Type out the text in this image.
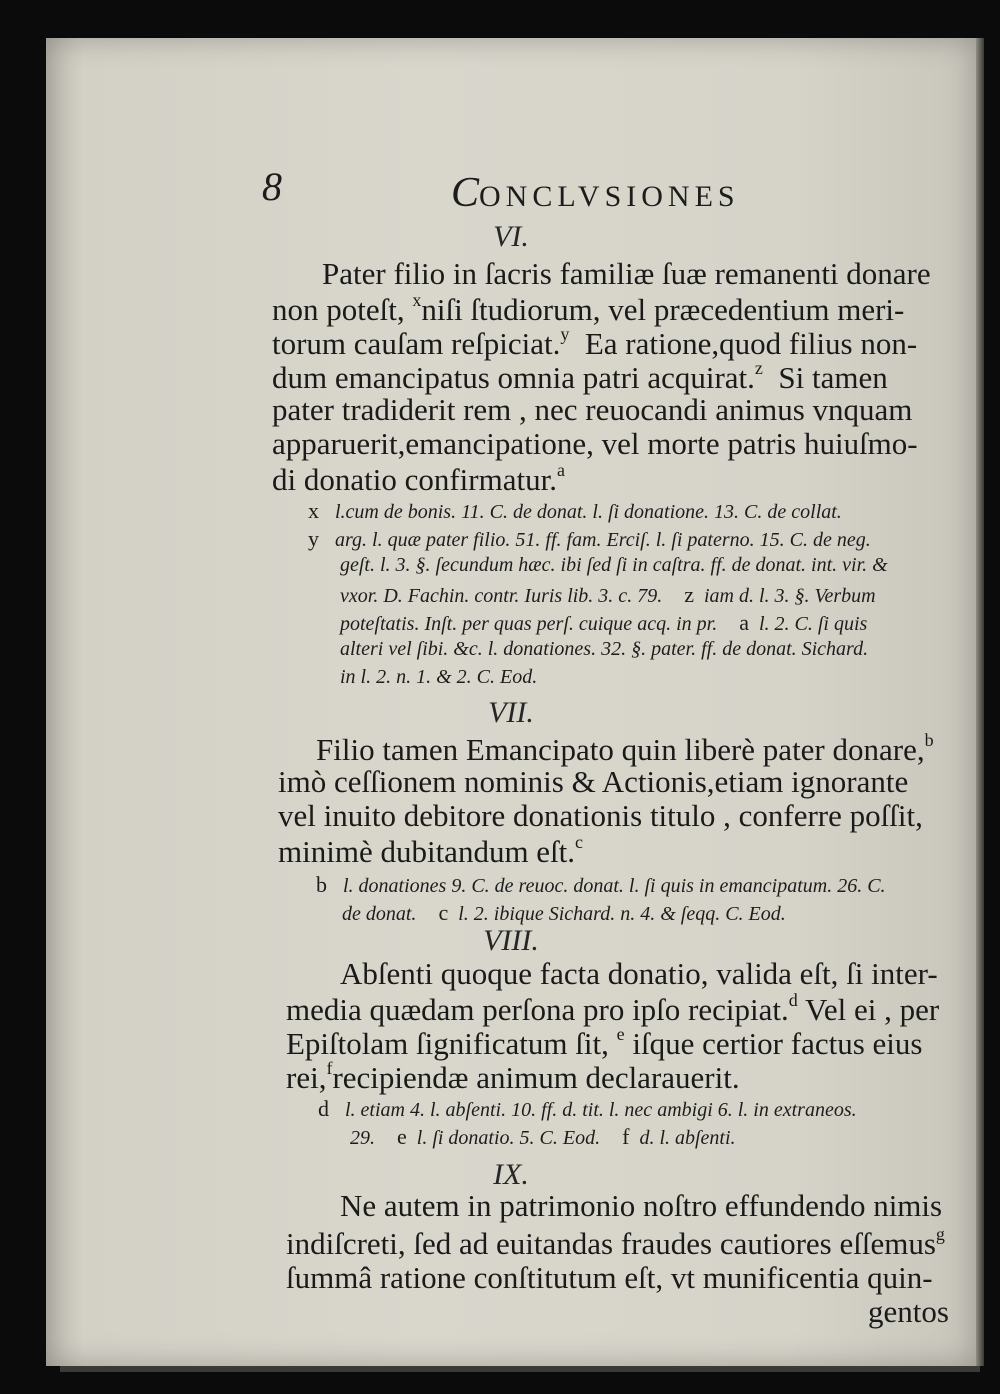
8	CONCLVSIONES
VI.
Pater filio in ſacris familiæ ſuæ remanenti donare
non poteſt, $^x$niſi ſtudiorum, vel præcedentium meri-
torum cauſam reſpiciat.$^y$ Ea ratione,quod filius non-
dum emancipatus omnia patri acquirat.$^z$ Si tamen
pater tradiderit rem , nec reuocandi animus vnquam
apparuerit,emancipatione, vel morte patris huiuſmo-
di donatio confirmatur.$^a$
x l.cum de bonis. 11. C. de donat. l. ſi donatione. 13. C. de collat.
y arg. l. quæ pater filio. 51. ff. fam. Erciſ. l. ſi paterno. 15. C. de neg.
geſt. l. 3. §. ſecundum hæc. ibi ſed ſi in caſtra. ff. de donat. int. vir. &
vxor. D. Fachin. contr. Iuris lib. 3. c. 79. z iam d. l. 3. §. Verbum
poteſtatis. Inſt. per quas perſ. cuique acq. in pr. a l. 2. C. ſi quis
alteri vel ſibi. &c. l. donationes. 32. §. pater. ff. de donat. Sichard.
in l. 2. n. 1. & 2. C. Eod.
VII.
Filio tamen Emancipato quin liberè pater donare,$^b$
imò ceſſionem nominis & Actionis,etiam ignorante
vel inuito debitore donationis titulo , conferre poſſit,
minimè dubitandum eſt.$^c$
b l. donationes 9. C. de reuoc. donat. l. ſi quis in emancipatum. 26. C.
de donat. c l. 2. ibique Sichard. n. 4. & ſeqq. C. Eod.
VIII.
Abſenti quoque facta donatio, valida eſt, ſi inter-
media quædam perſona pro ipſo recipiat.$^d$ Vel ei , per
Epiſtolam ſignificatum ſit, $^e$ iſque certior factus eius
rei,$^f$recipiendæ animum declarauerit.
d l. etiam 4. l. abſenti. 10. ff. d. tit. l. nec ambigi 6. l. in extraneos.
29. e l. ſi donatio. 5. C. Eod. f d. l. abſenti.
IX.
Ne autem in patrimonio noſtro effundendo nimis
indiſcreti, ſed ad euitandas fraudes cautiores eſſemus$^g$
ſummâ ratione conſtitutum eſt, vt munificentia quin-
gentos
